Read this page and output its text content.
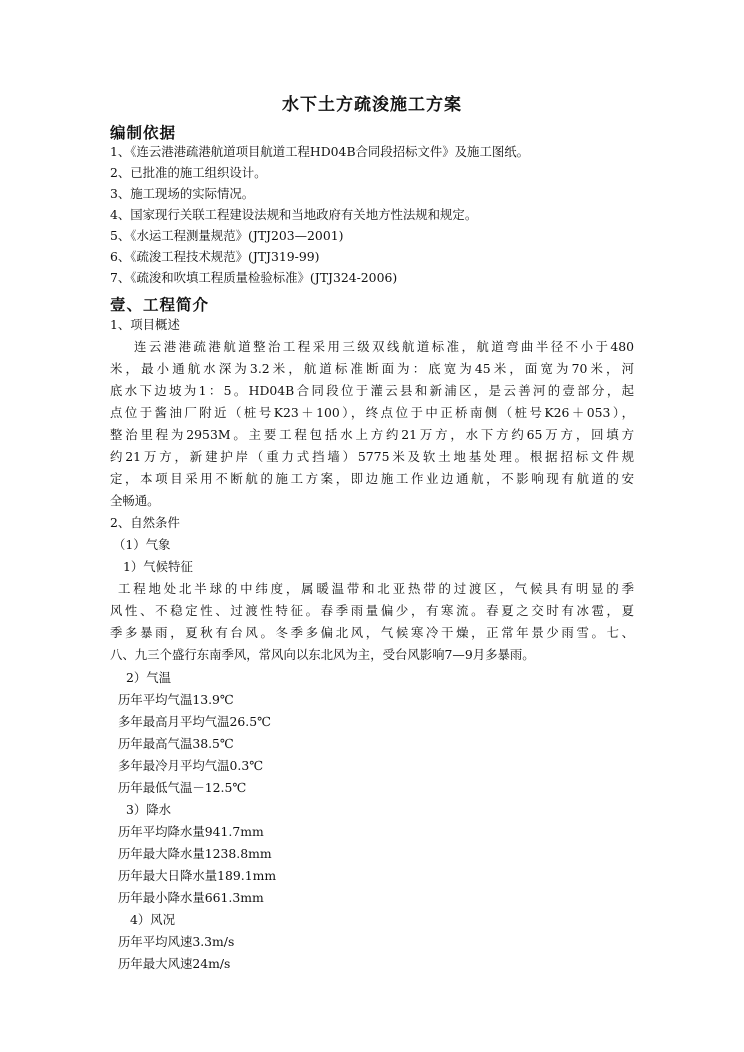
水下土方疏浚施工方案
编制依据
1、《连云港港疏港航道项目航道工程HD04B合同段招标文件》及施工图纸。
2、已批准的施工组织设计。
3、施工现场的实际情况。
4、国家现行关联工程建设法规和当地政府有关地方性法规和规定。
5、《水运工程测量规范》(JTJ203—2001)
6、《疏浚工程技术规范》(JTJ319-99)
7、《疏浚和吹填工程质量检验标准》(JTJ324-2006)
壹、工程简介
1、项目概述
连云港港疏港航道整治工程采用三级双线航道标准，航道弯曲半径不小于480
米，最小通航水深为3.2米，航道标准断面为：底宽为45米，面宽为70米，河
底水下边坡为1：5。HD04B合同段位于灌云县和新浦区，是云善河的壹部分，起
点位于酱油厂附近（桩号K23＋100），终点位于中正桥南侧（桩号K26＋053），
整治里程为2953M。主要工程包括水上方约21万方，水下方约65万方，回填方
约21万方，新建护岸（重力式挡墙）5775米及软土地基处理。根据招标文件规
定，本项目采用不断航的施工方案，即边施工作业边通航，不影响现有航道的安
全畅通。
2、自然条件
（1）气象
1）气候特征
工程地处北半球的中纬度，属暖温带和北亚热带的过渡区，气候具有明显的季
风性、不稳定性、过渡性特征。春季雨量偏少，有寒流。春夏之交时有冰雹，夏
季多暴雨，夏秋有台风。冬季多偏北风，气候寒冷干燥，正常年景少雨雪。七、
八、九三个盛行东南季风，常风向以东北风为主，受台风影响7—9月多暴雨。
2）气温
历年平均气温13.9℃
多年最高月平均气温26.5℃
历年最高气温38.5℃
多年最冷月平均气温0.3℃
历年最低气温－12.5℃
3）降水
历年平均降水量941.7mm
历年最大降水量1238.8mm
历年最大日降水量189.1mm
历年最小降水量661.3mm
4）风况
历年平均风速3.3m/s
历年最大风速24m/s
